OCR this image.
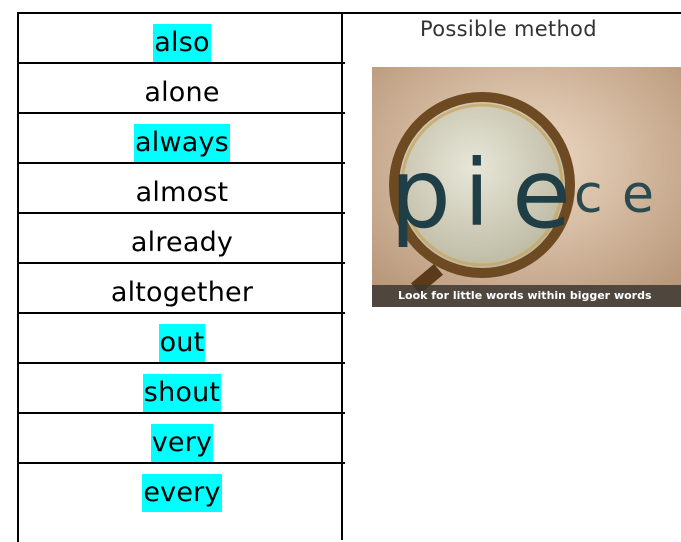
also
alone
always
almost
already
altogether
out
shout
very
every
Possible method
p i e c e
Look for little words within bigger words
